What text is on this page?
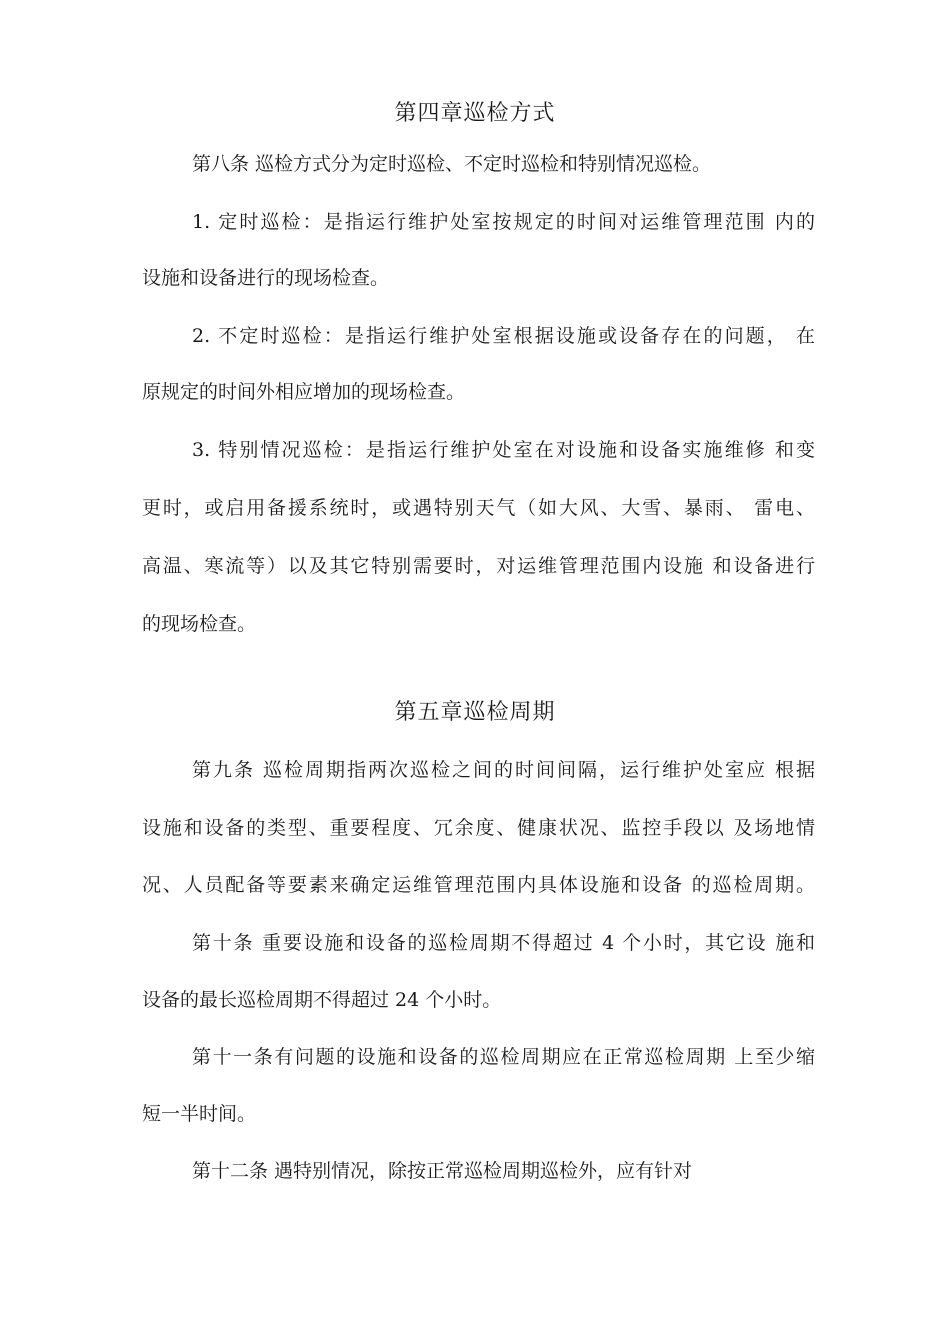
第四章巡检方式
第八条 巡检方式分为定时巡检、不定时巡检和特别情况巡检。
1. 定时巡检：是指运行维护处室按规定的时间对运维管理范围 内的
设施和设备进行的现场检查。
2. 不定时巡检：是指运行维护处室根据设施或设备存在的问题， 在
原规定的时间外相应增加的现场检查。
3. 特别情况巡检：是指运行维护处室在对设施和设备实施维修 和变
更时，或启用备援系统时，或遇特别天气（如大风、大雪、暴雨、 雷电、
高温、寒流等）以及其它特别需要时，对运维管理范围内设施 和设备进行
的现场检查。
第五章巡检周期
第九条 巡检周期指两次巡检之间的时间间隔，运行维护处室应 根据
设施和设备的类型、重要程度、冗余度、健康状况、监控手段以 及场地情
况、人员配备等要素来确定运维管理范围内具体设施和设备 的巡检周期。
第十条 重要设施和设备的巡检周期不得超过 4 个小时，其它设 施和
设备的最长巡检周期不得超过 24 个小时。
第十一条有问题的设施和设备的巡检周期应在正常巡检周期 上至少缩
短一半时间。
第十二条 遇特别情况，除按正常巡检周期巡检外，应有针对
